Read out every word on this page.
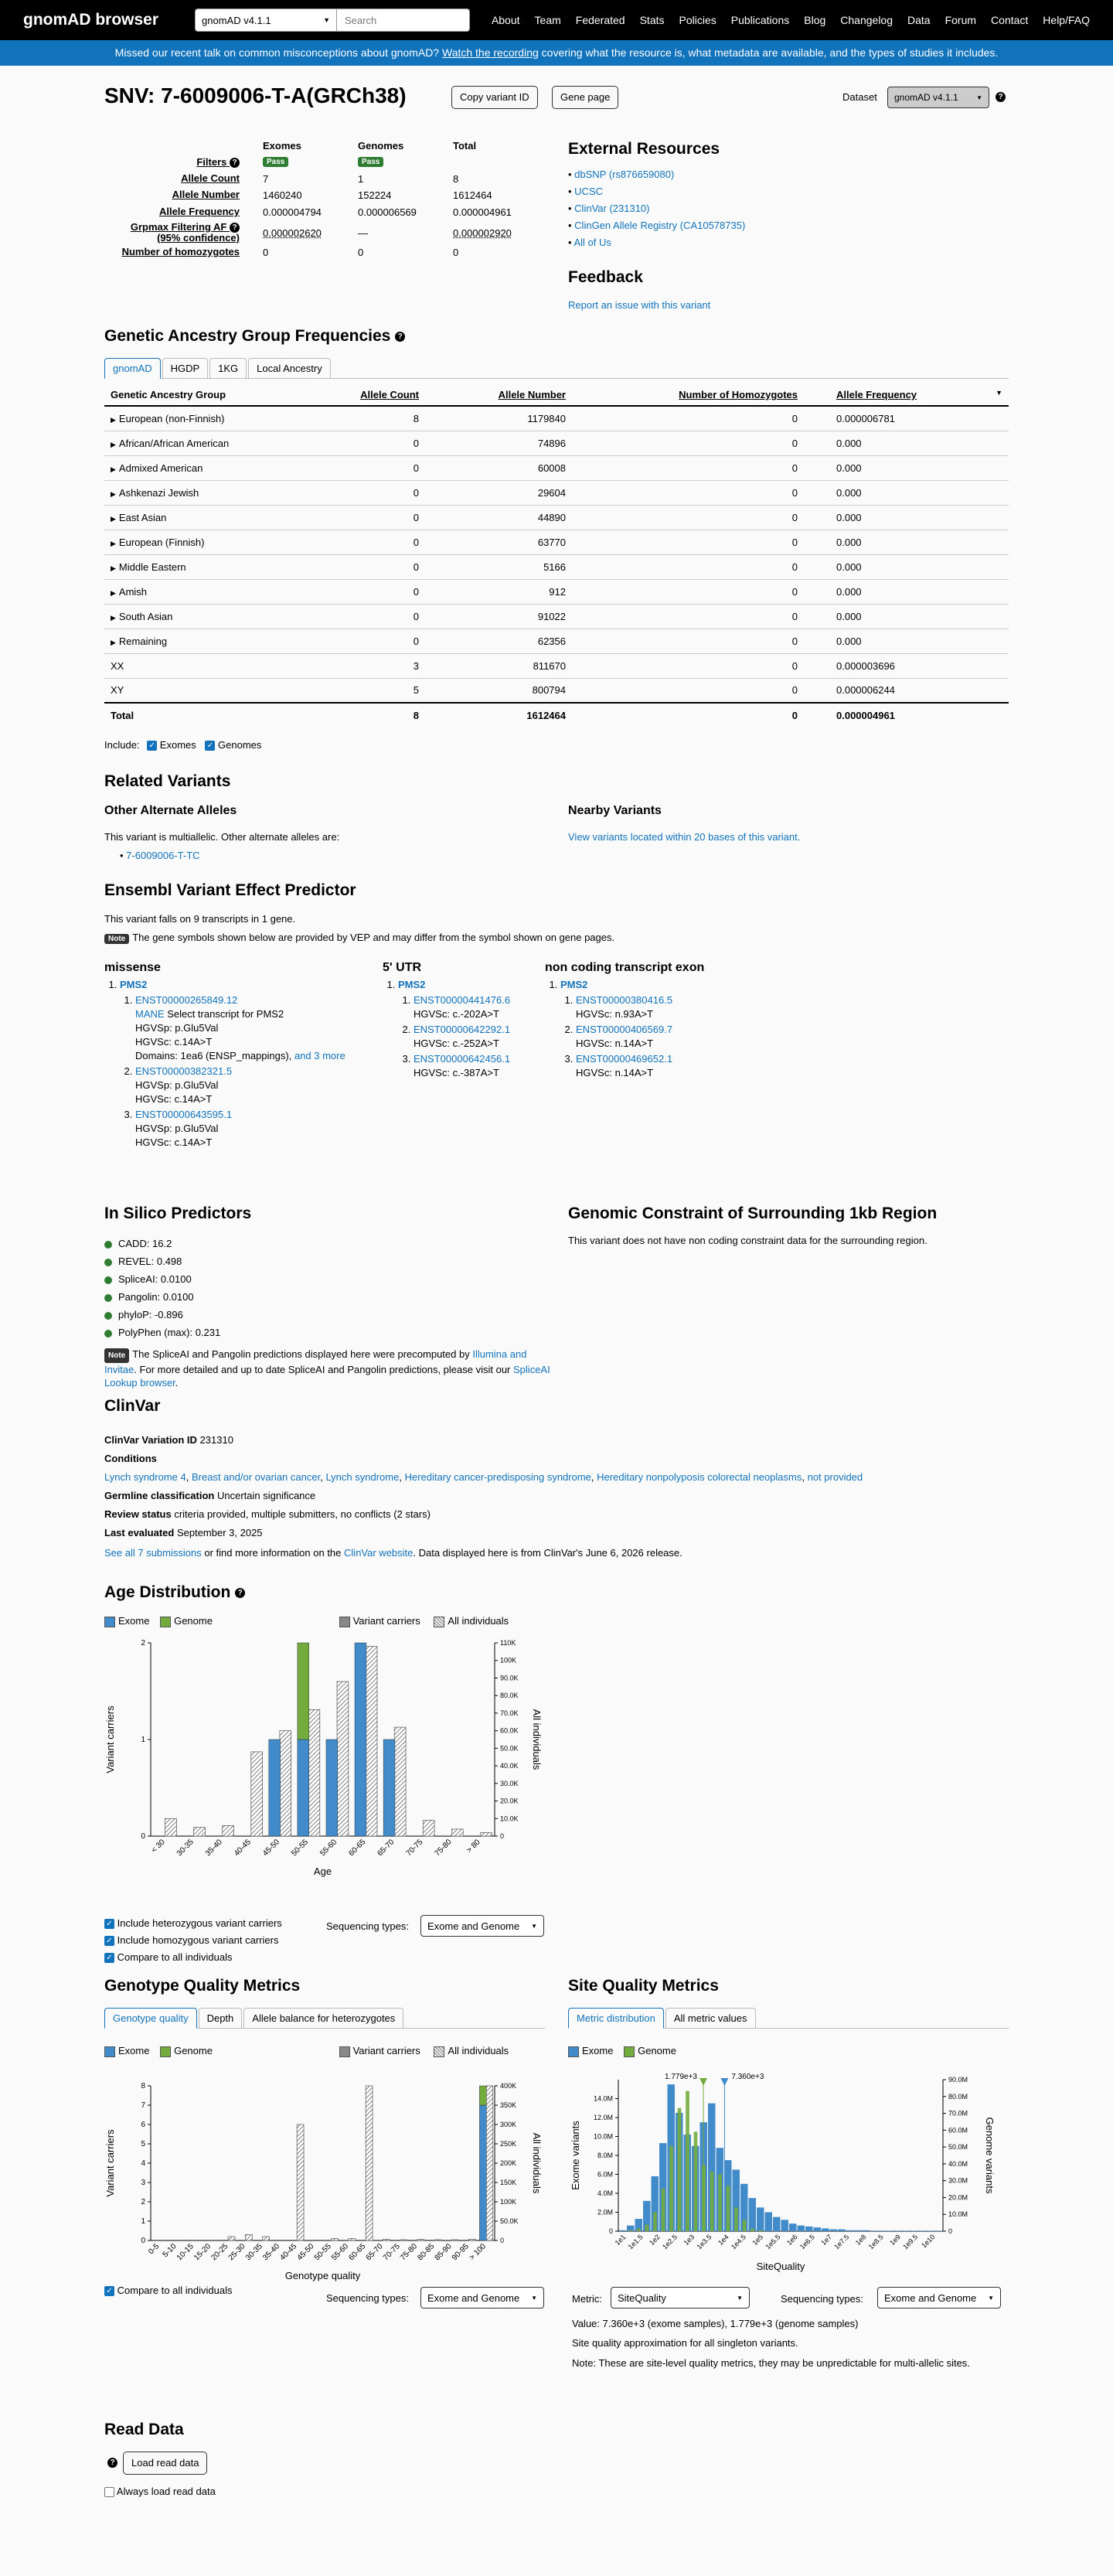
gnomAD browser	gnomAD v4.1.1	▼	Search	About Team Federated Stats Policies Publications Blog Changelog Data Forum Contact Help/FAQ
Missed our recent talk on common misconceptions about gnomAD? Watch the recording covering what the resource is, what metadata are available, and the types of studies it includes.
SNV: 7-6009006-T-A(GRCh38)	Copy variant ID	Gene page	Dataset gnomAD v4.1.1	▼	?
Exomes	Genomes	Total
Filters ?	Pass	Pass
Allele Count 7	1	8
Allele Number 1460240	152224	1612464
Allele Frequency 0.000004794	0.000006569	0.000004961
Grpmax Filtering AF ?
(95% confidence) 0.000002620	—	0.000002920
Number of homozygotes 0	0	0
External Resources
• dbSNP (rs876659080)
• UCSC
• ClinVar (231310)
• ClinGen Allele Registry (CA10578735)
• All of Us
Feedback
Report an issue with this variant
Genetic Ancestry Group Frequencies ?
gnomAD	HGDP	1KG	Local Ancestry
Genetic Ancestry Group	Allele Count	Allele Number	Number of Homozygotes	Allele Frequency ▼

▶ European (non-Finnish)	8	1179840	0	0.000006781
▶ African/African American	0	74896	0	0.000
▶ Admixed American	0	60008	0	0.000
▶ Ashkenazi Jewish	0	29604	0	0.000
▶ East Asian	0	44890	0	0.000
▶ European (Finnish)	0	63770	0	0.000
▶ Middle Eastern	0	5166	0	0.000
▶ Amish	0	912	0	0.000
▶ South Asian	0	91022	0	0.000
▶ Remaining	0	62356	0	0.000
XX	3	811670	0	0.000003696
XY	5	800794	0	0.000006244
Total	8	1612464	0	0.000004961
Include: ✓ Exomes ✓ Genomes
Related Variants
Other Alternate Alleles
This variant is multiallelic. Other alternate alleles are:
• 7-6009006-T-TC
Nearby Variants
View variants located within 20 bases of this variant.
Ensembl Variant Effect Predictor
This variant falls on 9 transcripts in 1 gene.
Note The gene symbols shown below are provided by VEP and may differ from the symbol shown on gene pages.
missense
1. PMS2
1. ENST00000265849.12
MANE Select transcript for PMS2
HGVSp: p.Glu5Val
HGVSc: c.14A>T
Domains: 1ea6 (ENSP_mappings), and 3 more
2. ENST00000382321.5
HGVSp: p.Glu5Val
HGVSc: c.14A>T
3. ENST00000643595.1
HGVSp: p.Glu5Val
HGVSc: c.14A>T
5' UTR
1. PMS2
1. ENST00000441476.6
HGVSc: c.-202A>T
2. ENST00000642292.1
HGVSc: c.-252A>T
3. ENST00000642456.1
HGVSc: c.-387A>T
non coding transcript exon
1. PMS2
1. ENST00000380416.5
HGVSc: n.93A>T
2. ENST00000406569.7
HGVSc: n.14A>T
3. ENST00000469652.1
HGVSc: n.14A>T
In Silico Predictors
CADD: 16.2
REVEL: 0.498
SpliceAI: 0.0100
Pangolin: 0.0100
phyloP: -0.896
PolyPhen (max): 0.231
Note The SpliceAI and Pangolin predictions displayed here were precomputed by Illumina and Invitae. For more detailed and up to date SpliceAI and Pangolin predictions, please visit our SpliceAI Lookup browser.
Genomic Constraint of Surrounding 1kb Region
This variant does not have non coding constraint data for the surrounding region.
ClinVar
ClinVar Variation ID 231310
Conditions
Lynch syndrome 4, Breast and/or ovarian cancer, Lynch syndrome, Hereditary cancer-predisposing syndrome, Hereditary nonpolyposis colorectal neoplasms, not provided
Germline classification Uncertain significance
Review status criteria provided, multiple submitters, no conflicts (2 stars)
Last evaluated September 3, 2025
See all 7 submissions or find more information on the ClinVar website. Data displayed here is from ClinVar's June 6, 2026 release.
Age Distribution ?
Exome Genome	Variant carriers	All individuals
0
1
2
0
10.0K
20.0K
30.0K
40.0K
50.0K
60.0K
70.0K
80.0K
90.0K
100K
110K
< 30 30-35 35-40 40-45 45-50 50-55 55-60 60-65 65-70 70-75 75-80 > 80
Age
Variant carriers	All individuals
✓ Include heterozygous variant carriers
✓ Include homozygous variant carriers
✓ Compare to all individuals
Sequencing types: Exome and Genome ▼
Genotype Quality Metrics
Genotype quality	Depth	Allele balance for heterozygotes
Exome Genome	Variant carriers	All individuals
0
1
2
3
4
5
6
7
8
0
50.0K
100K
150K
200K
250K
300K
350K
400K
0-5 5-10
10-15
15-20
20-25
25-30
30-35
35-40
40-45
45-50
50-55
55-60
60-65
65-70
70-75
75-80
80-85
85-90
90-95
> 100
Genotype quality
Variant carriers	All individuals
✓ Compare to all individuals
Sequencing types: Exome and Genome ▼
Site Quality Metrics
Metric distribution	All metric values
Exome Genome
0
2.0M
4.0M
6.0M
8.0M
10.0M
12.0M
14.0M
0
10.0M
20.0M
30.0M
40.0M
50.0M
60.0M
70.0M
80.0M
90.0M
1e1 1e1.5 1e2 1e2.5 1e3 1e3.5 1e4 1e4.5 1e5 1e5.5 1e6 1e6.5 1e7 1e7.5 1e8 1e8.5 1e9 1e9.5 1e10
1.779e+3	7.360e+3
SiteQuality
Exome variants	Genome variants
Metric: SiteQuality	▼	Sequencing types: Exome and Genome ▼
Value: 7.360e+3 (exome samples), 1.779e+3 (genome samples)
Site quality approximation for all singleton variants.
Note: These are site-level quality metrics, they may be unpredictable for multi-allelic sites.
Read Data
?	Load read data
Always load read data
